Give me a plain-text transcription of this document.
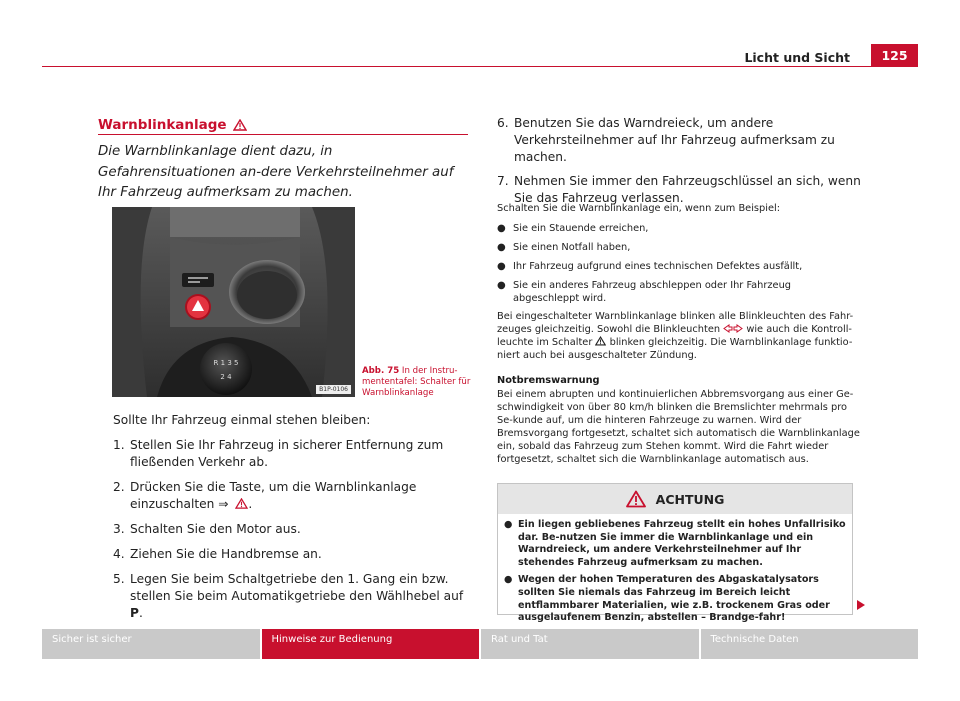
Licht und Sicht	125
Warnblinkanlage
Die Warnblinkanlage dient dazu, in Gefahrensituationen an-dere Verkehrsteilnehmer auf Ihr Fahrzeug aufmerksam zu machen.
R 1 3 5
2 4
B1P-0106
Abb. 75 In der Instru-mententafel: Schalter für Warnblinkanlage
Sollte Ihr Fahrzeug einmal stehen bleiben:
1. Stellen Sie Ihr Fahrzeug in sicherer Entfernung zum fließenden Verkehr ab.
2. Drücken Sie die Taste, um die Warnblinkanlage einzuschalten ⇒ .
3. Schalten Sie den Motor aus.
4. Ziehen Sie die Handbremse an.
5. Legen Sie beim Schaltgetriebe den 1. Gang ein bzw. stellen Sie beim Automatikgetriebe den Wählhebel auf P.
6. Benutzen Sie das Warndreieck, um andere Verkehrsteilnehmer auf Ihr Fahrzeug aufmerksam zu machen.
7. Nehmen Sie immer den Fahrzeugschlüssel an sich, wenn Sie das Fahrzeug verlassen.

Schalten Sie die Warnblinkanlage ein, wenn zum Beispiel:

● Sie ein Stauende erreichen,
● Sie einen Notfall haben,
● Ihr Fahrzeug aufgrund eines technischen Defektes ausfällt,
● Sie ein anderes Fahrzeug abschleppen oder Ihr Fahrzeug abgeschleppt wird.

Bei eingeschalteter Warnblinkanlage blinken alle Blinkleuchten des Fahr-zeuges gleichzeitig. Sowohl die Blinkleuchten	wie auch die Kontroll-leuchte im Schalter blinken gleichzeitig. Die Warnblinkanlage funktio-niert auch bei ausgeschalteter Zündung.

Notbremswarnung

Bei einem abrupten und kontinuierlichen Abbremsvorgang aus einer Ge-schwindigkeit von über 80 km/h blinken die Bremslichter mehrmals pro Se-kunde auf, um die hinteren Fahrzeuge zu warnen. Wird der Bremsvorgang fortgesetzt, schaltet sich automatisch die Warnblinkanlage ein, sobald das Fahrzeug zum Stehen kommt. Wird die Fahrt wieder fortgesetzt, schaltet sich die Warnblinkanlage automatisch aus.

ACHTUNG
● Ein liegen gebliebenes Fahrzeug stellt ein hohes Unfallrisiko dar. Be-nutzen Sie immer die Warnblinkanlage und ein Warndreieck, um andere Verkehrsteilnehmer auf Ihr stehendes Fahrzeug aufmerksam zu machen.
● Wegen der hohen Temperaturen des Abgaskatalysators sollten Sie niemals das Fahrzeug im Bereich leicht entflammbarer Materialien, wie z.B. trockenem Gras oder ausgelaufenem Benzin, abstellen – Brandge-fahr!
Sicher ist sicher	Hinweise zur Bedienung	Rat und Tat	Technische Daten
